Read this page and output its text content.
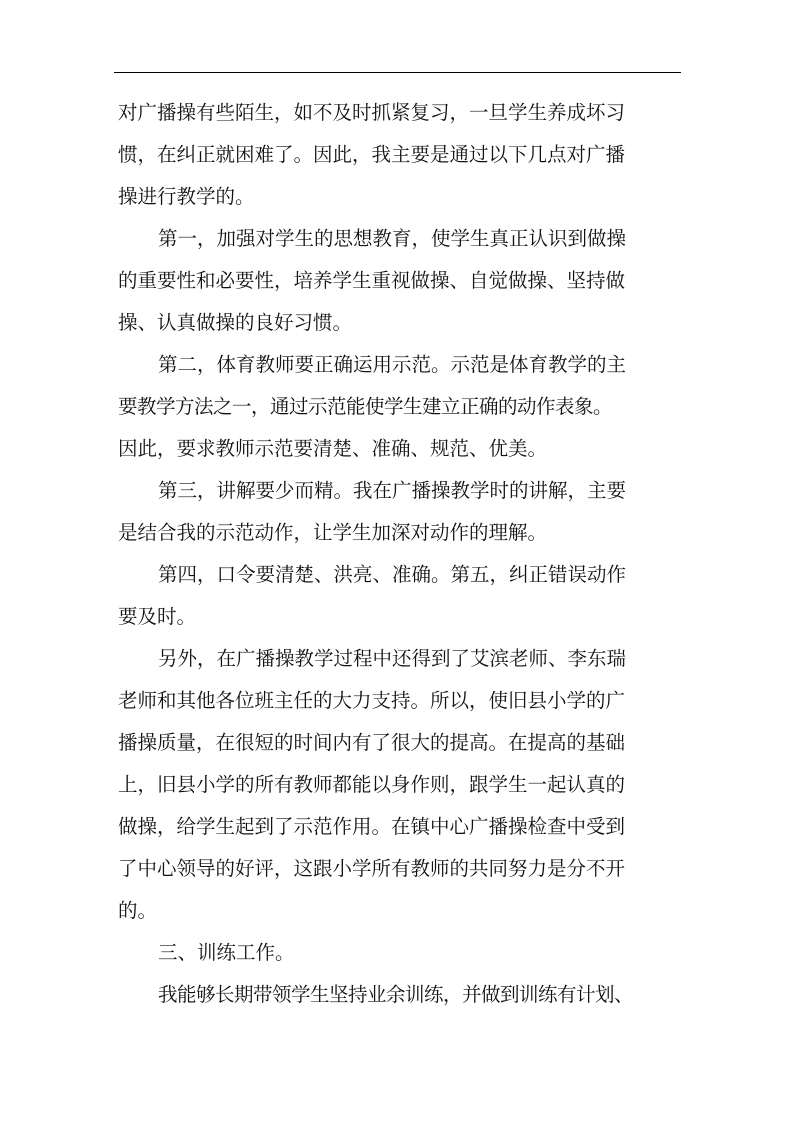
对广播操有些陌生，如不及时抓紧复习，一旦学生养成坏习
惯，在纠正就困难了。因此，我主要是通过以下几点对广播
操进行教学的。
第一，加强对学生的思想教育，使学生真正认识到做操
的重要性和必要性，培养学生重视做操、自觉做操、坚持做
操、认真做操的良好习惯。
第二，体育教师要正确运用示范。示范是体育教学的主
要教学方法之一，通过示范能使学生建立正确的动作表象。
因此，要求教师示范要清楚、准确、规范、优美。
第三，讲解要少而精。我在广播操教学时的讲解，主要
是结合我的示范动作，让学生加深对动作的理解。
第四，口令要清楚、洪亮、准确。第五，纠正错误动作
要及时。
另外，在广播操教学过程中还得到了艾滨老师、李东瑞
老师和其他各位班主任的大力支持。所以，使旧县小学的广
播操质量，在很短的时间内有了很大的提高。在提高的基础
上，旧县小学的所有教师都能以身作则，跟学生一起认真的
做操，给学生起到了示范作用。在镇中心广播操检查中受到
了中心领导的好评，这跟小学所有教师的共同努力是分不开
的。
三、训练工作。
我能够长期带领学生坚持业余训练，并做到训练有计划、
